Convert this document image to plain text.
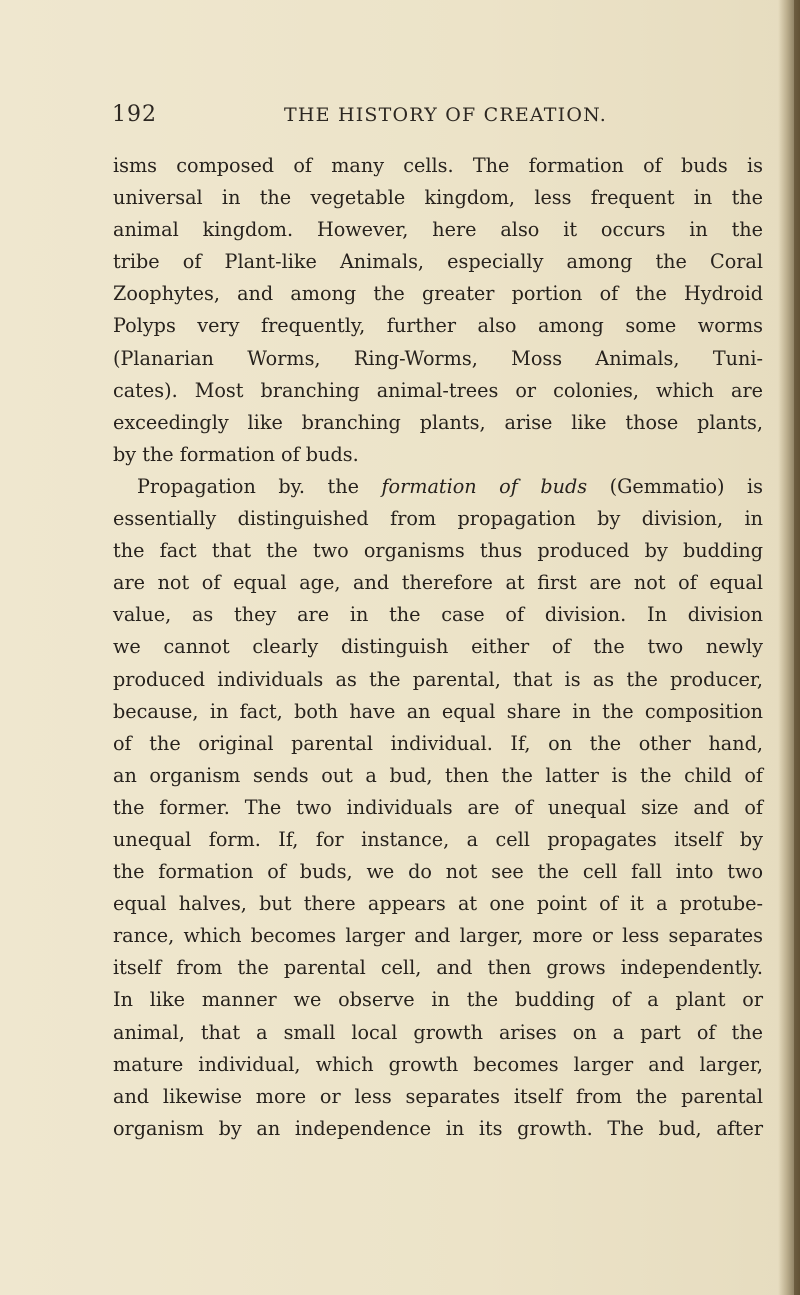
192	THE HISTORY OF CREATION.
isms composed of many cells. The formation of buds is
universal in the vegetable kingdom, less frequent in the
animal kingdom. However, here also it occurs in the
tribe of Plant-like Animals, especially among the Coral
Zoophytes, and among the greater portion of the Hydroid
Polyps very frequently, further also among some worms
(Planarian Worms, Ring-Worms, Moss Animals, Tuni-
cates). Most branching animal-trees or colonies, which are
exceedingly like branching plants, arise like those plants,
by the formation of buds.
Propagation by. the formation of buds (Gemmatio) is
essentially distinguished from propagation by division, in
the fact that the two organisms thus produced by budding
are not of equal age, and therefore at first are not of equal
value, as they are in the case of division. In division
we cannot clearly distinguish either of the two newly
produced individuals as the parental, that is as the producer,
because, in fact, both have an equal share in the composition
of the original parental individual. If, on the other hand,
an organism sends out a bud, then the latter is the child of
the former. The two individuals are of unequal size and of
unequal form. If, for instance, a cell propagates itself by
the formation of buds, we do not see the cell fall into two
equal halves, but there appears at one point of it a protube-
rance, which becomes larger and larger, more or less separates
itself from the parental cell, and then grows independently.
In like manner we observe in the budding of a plant or
animal, that a small local growth arises on a part of the
mature individual, which growth becomes larger and larger,
and likewise more or less separates itself from the parental
organism by an independence in its growth. The bud, after
